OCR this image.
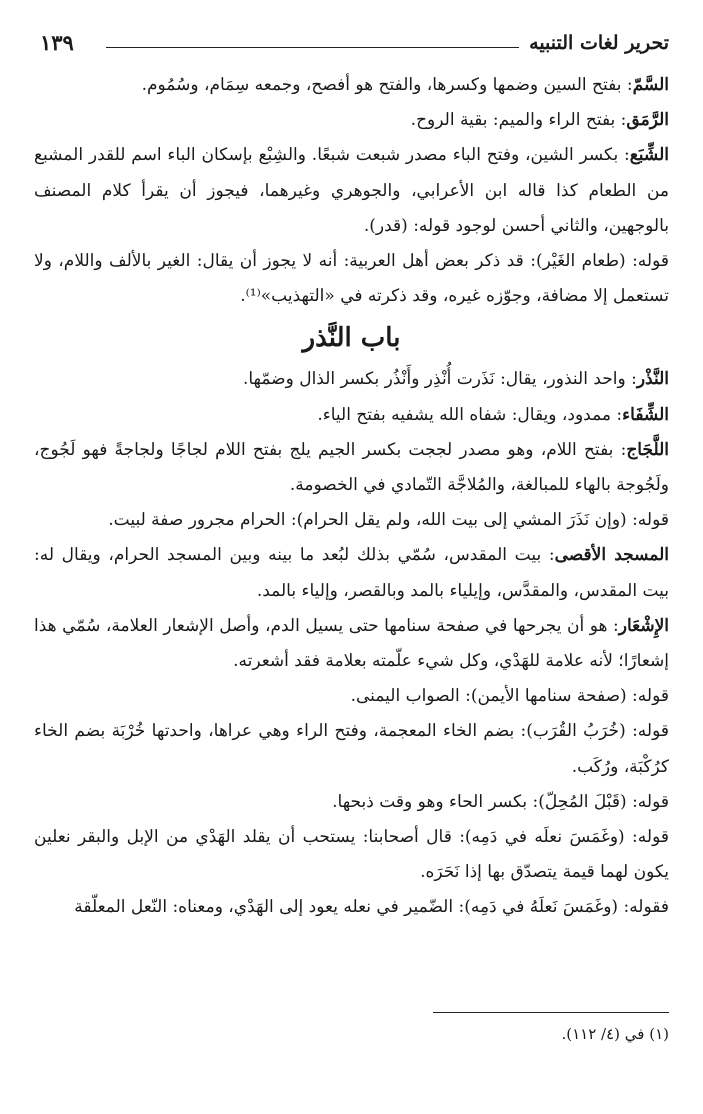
تحرير لغات التنبيه
١٣٩

السَّمّ: بفتح السين وضمها وكسرها، والفتح هو أفصح، وجمعه سِمَام، وسُمُوم.

الرَّمَق: بفتح الراء والميم: بقية الروح.

الشِّبَع: بكسر الشين، وفتح الباء مصدر شبعت شبعًا. والشِبْع بإسكان الباء اسم للقدر المشبع من الطعام كذا قاله ابن الأعرابي، والجوهري وغيرهما، فيجوز أن يقرأ كلام المصنف بالوجهين، والثاني أحسن لوجود قوله: (قدر).

قوله: (طعام الغَيْر): قد ذكر بعض أهل العربية: أنه لا يجوز أن يقال: الغير بالألف واللام، ولا تستعمل إلا مضافة، وجوّزه غيره، وقد ذكرته في «التهذيب»⁽¹⁾.

باب النَّذر

النَّذْر: واحد النذور، يقال: نَذَرت أُنْذِر وأَنْذُر بكسر الذال وضمّها.

الشِّفَاء: ممدود، ويقال: شفاه الله يشفيه بفتح الياء.

اللَّجَاج: بفتح اللام، وهو مصدر لججت بكسر الجيم يلج بفتح اللام لجاجًا ولجاجةً فهو لَجُوج، ولَجُوجة بالهاء للمبالغة، والمُلاجَّة التّمادي في الخصومة.

قوله: (وإن نَذَرَ المشي إلى بيت الله، ولم يقل الحرام): الحرام مجرور صفة لبيت.

المسجد الأقصى: بيت المقدس، سُمّي بذلك لبُعد ما بينه وبين المسجد الحرام، ويقال له: بيت المقدس، والمقدَّس، وإيلياء بالمد وبالقصر، وإلياء بالمد.

الإِشْعَار: هو أن يجرحها في صفحة سنامها حتى يسيل الدم، وأصل الإشعار العلامة، سُمّي هذا إشعارًا؛ لأنه علامة للهَدْي، وكل شيء علّمته بعلامة فقد أشعرته.

قوله: (صفحة سنامها الأيمن): الصواب اليمنى.

قوله: (خُرَبُ القُرَب): بضم الخاء المعجمة، وفتح الراء وهي عراها، واحدتها خُرْبَة بضم الخاء كرُكْبَة، ورُكَب.

قوله: (قَبْلَ المُحِلّ): بكسر الحاء وهو وقت ذبحها.

قوله: (وغَمَسَ نعلَه في دَمِه): قال أصحابنا: يستحب أن يقلد الهَدْي من الإبل والبقر نعلين يكون لهما قيمة يتصدّق بها إذا نَحَرَه.

فقوله: (وغَمَسَ نَعلَهُ في دَمِه): الضّمير في نعله يعود إلى الهَدْي، ومعناه: النّعل المعلّقة

(١) في (٤/ ١١٢).
